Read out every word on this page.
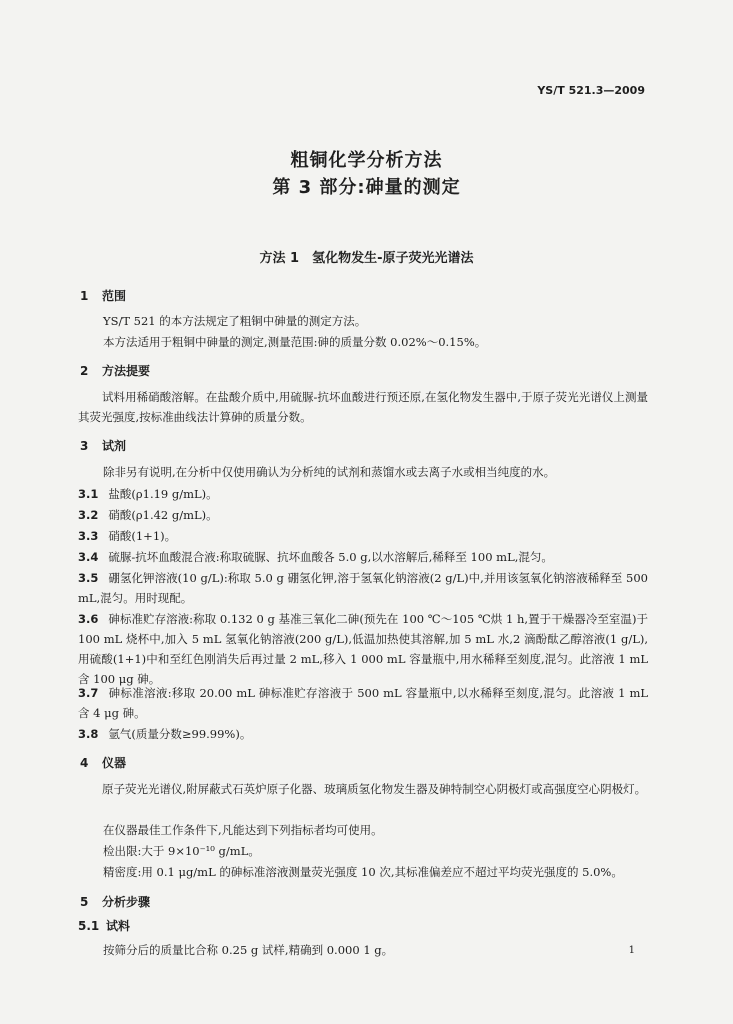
YS/T 521.3—2009
粗铜化学分析方法
第 3 部分:砷量的测定
方法 1　氢化物发生-原子荧光光谱法
1 范围
YS/T 521 的本方法规定了粗铜中砷量的测定方法。
本方法适用于粗铜中砷量的测定,测量范围:砷的质量分数 0.02%～0.15%。
2 方法提要
试料用稀硝酸溶解。在盐酸介质中,用硫脲-抗坏血酸进行预还原,在氢化物发生器中,于原子荧光光谱仪上测量其荧光强度,按标准曲线法计算砷的质量分数。
3 试剂
除非另有说明,在分析中仅使用确认为分析纯的试剂和蒸馏水或去离子水或相当纯度的水。
3.1 盐酸(ρ1.19 g/mL)。
3.2 硝酸(ρ1.42 g/mL)。
3.3 硝酸(1+1)。
3.4 硫脲-抗坏血酸混合液:称取硫脲、抗坏血酸各 5.0 g,以水溶解后,稀释至 100 mL,混匀。
3.5 硼氢化钾溶液(10 g/L):称取 5.0 g 硼氢化钾,溶于氢氧化钠溶液(2 g/L)中,并用该氢氧化钠溶液稀释至 500 mL,混匀。用时现配。
3.6 砷标准贮存溶液:称取 0.132 0 g 基准三氧化二砷(预先在 100 ℃～105 ℃烘 1 h,置于干燥器冷至室温)于 100 mL 烧杯中,加入 5 mL 氢氧化钠溶液(200 g/L),低温加热使其溶解,加 5 mL 水,2 滴酚酞乙醇溶液(1 g/L),用硫酸(1+1)中和至红色刚消失后再过量 2 mL,移入 1 000 mL 容量瓶中,用水稀释至刻度,混匀。此溶液 1 mL 含 100 μg 砷。
3.7 砷标准溶液:移取 20.00 mL 砷标准贮存溶液于 500 mL 容量瓶中,以水稀释至刻度,混匀。此溶液 1 mL 含 4 μg 砷。
3.8 氩气(质量分数≥99.99%)。
4 仪器
原子荧光光谱仪,附屏蔽式石英炉原子化器、玻璃质氢化物发生器及砷特制空心阴极灯或高强度空心阴极灯。
在仪器最佳工作条件下,凡能达到下列指标者均可使用。
检出限:大于 9×10⁻¹⁰ g/mL。
精密度:用 0.1 μg/mL 的砷标准溶液测量荧光强度 10 次,其标准偏差应不超过平均荧光强度的 5.0%。
5 分析步骤
5.1 试料
按筛分后的质量比合称 0.25 g 试样,精确到 0.000 1 g。	1
